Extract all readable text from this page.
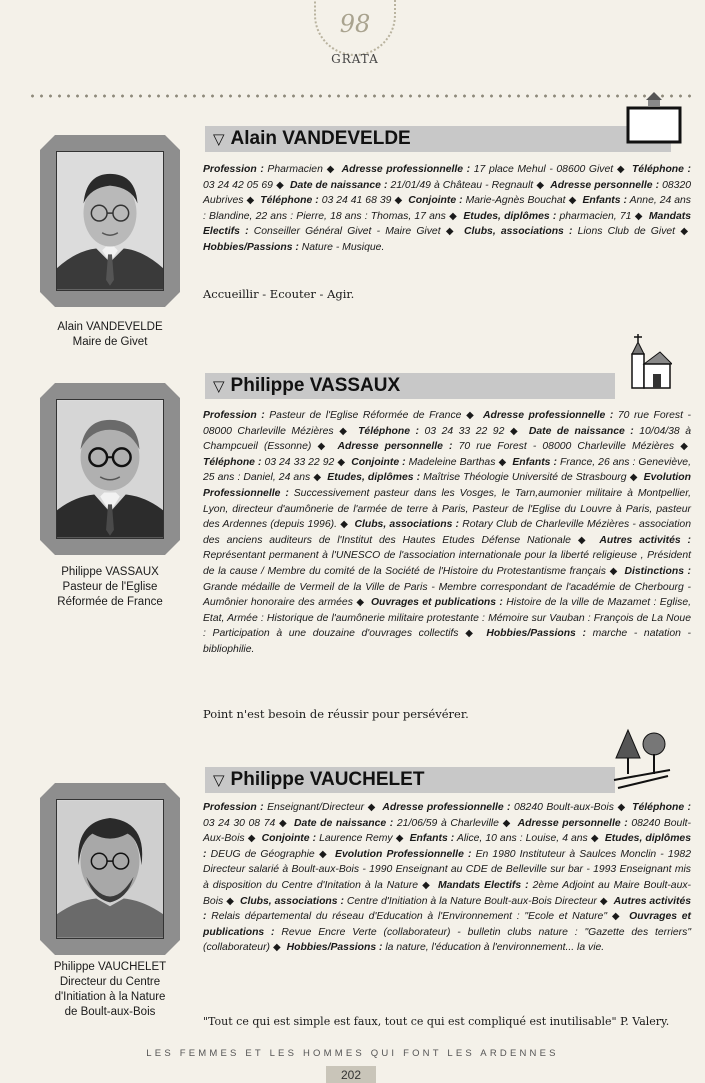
98
GRATA
Alain VANDEVELDE
Maire de Givet
▽ Alain VANDEVELDE
Profession : Pharmacien ◆ Adresse professionnelle : 17 place Mehul - 08600 Givet ◆ Téléphone : 03 24 42 05 69 ◆ Date de naissance : 21/01/49 à Château - Regnault ◆ Adresse personnelle : 08320 Aubrives ◆ Téléphone : 03 24 41 68 39 ◆ Conjointe : Marie-Agnès Bouchat ◆ Enfants : Anne, 24 ans : Blandine, 22 ans : Pierre, 18 ans : Thomas, 17 ans ◆ Etudes, diplômes : pharmacien, 71 ◆ Mandats Electifs : Conseiller Général Givet - Maire Givet ◆ Clubs, associations : Lions Club de Givet ◆ Hobbies/Passions : Nature - Musique.
Accueillir - Ecouter - Agir.
Philippe VASSAUX
Pasteur de l'Eglise
Réformée de France
▽ Philippe VASSAUX
Profession : Pasteur de l'Eglise Réformée de France ◆ Adresse professionnelle : 70 rue Forest - 08000 Charleville Mézières ◆ Téléphone : 03 24 33 22 92 ◆ Date de naissance : 10/04/38 à Champcueil (Essonne) ◆ Adresse personnelle : 70 rue Forest - 08000 Charleville Mézières ◆ Téléphone : 03 24 33 22 92 ◆ Conjointe : Madeleine Barthas ◆ Enfants : France, 26 ans : Geneviève, 25 ans : Daniel, 24 ans ◆ Etudes, diplômes : Maîtrise Théologie Université de Strasbourg ◆ Evolution Professionnelle : Successivement pasteur dans les Vosges, le Tarn,aumonier militaire à Montpellier, Lyon, directeur d'aumônerie de l'armée de terre à Paris, Pasteur de l'Eglise du Louvre à Paris, pasteur des Ardennes (depuis 1996). ◆ Clubs, associations : Rotary Club de Charleville Mézières - association des anciens auditeurs de l'Institut des Hautes Etudes Défense Nationale ◆ Autres activités : Représentant permanent à l'UNESCO de l'association internationale pour la liberté religieuse , Président de la cause / Membre du comité de la Société de l'Histoire du Protestantisme français ◆ Distinctions : Grande médaille de Vermeil de la Ville de Paris - Membre correspondant de l'académie de Cherbourg - Aumônier honoraire des armées ◆ Ouvrages et publications : Histoire de la ville de Mazamet : Eglise, Etat, Armée : Historique de l'aumônerie militaire protestante : Mémoire sur Vauban : François de La Noue : Participation à une douzaine d'ouvrages collectifs ◆ Hobbies/Passions : marche - natation - bibliophilie.
Point n'est besoin de réussir pour persévérer.
Philippe VAUCHELET
Directeur du Centre
d'Initiation à la Nature
de Boult-aux-Bois
▽ Philippe VAUCHELET
Profession : Enseignant/Directeur ◆ Adresse professionnelle : 08240 Boult-aux-Bois ◆ Téléphone : 03 24 30 08 74 ◆ Date de naissance : 21/06/59 à Charleville ◆ Adresse personnelle : 08240 Boult-Aux-Bois ◆ Conjointe : Laurence Remy ◆ Enfants : Alice, 10 ans : Louise, 4 ans ◆ Etudes, diplômes : DEUG de Géographie ◆ Evolution Professionnelle : En 1980 Instituteur à Saulces Monclin - 1982 Directeur salarié à Boult-aux-Bois - 1990 Enseignant au CDE de Belleville sur bar - 1993 Enseignant mis à disposition du Centre d'Initation à la Nature ◆ Mandats Electifs : 2ème Adjoint au Maire Boult-aux-Bois ◆ Clubs, associations : Centre d'Initiation à la Nature Boult-aux-Bois Directeur ◆ Autres activités : Relais départemental du réseau d'Education à l'Environnement : "Ecole et Nature" ◆ Ouvrages et publications : Revue Encre Verte (collaborateur) - bulletin clubs nature : "Gazette des terriers" (collaborateur) ◆ Hobbies/Passions : la nature, l'éducation à l'environnement... la vie.
"Tout ce qui est simple est faux, tout ce qui est compliqué est inutilisable" P. Valery.
LES FEMMES ET LES HOMMES QUI FONT LES ARDENNES
202
